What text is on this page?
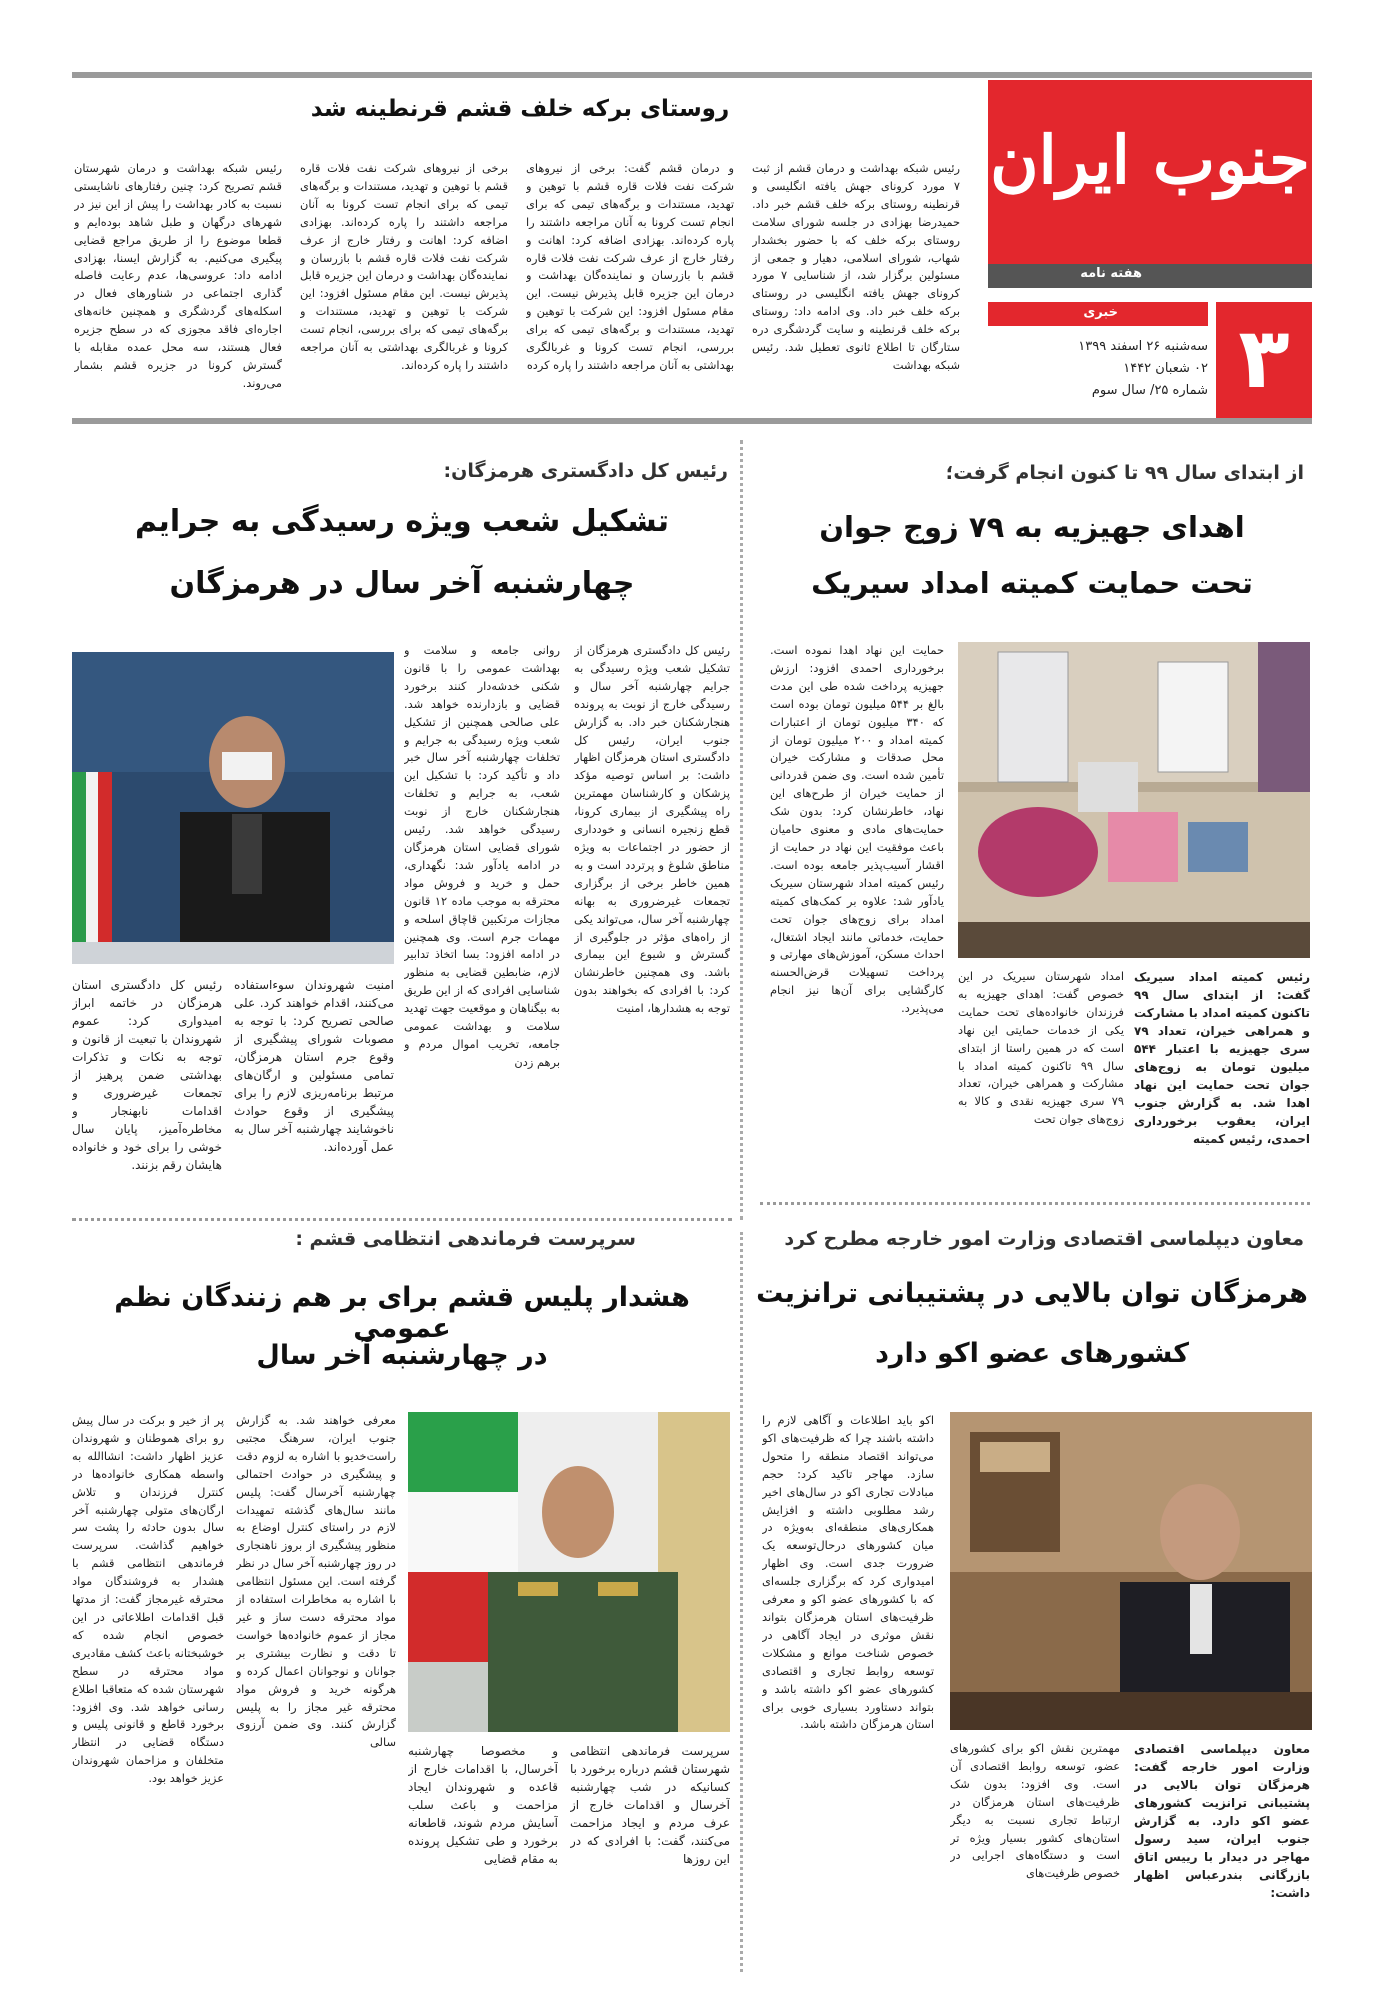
جنوب ایران
هفته نامه
۳
خبری
سه‌شنبه ۲۶ اسفند ۱۳۹۹
۰۲ شعبان ۱۴۴۲
شماره ۲۵/ سال سوم
روستای برکه خلف قشم قرنطینه شد
رئیس شبکه بهداشت و درمان قشم از ثبت ۷ مورد کرونای جهش یافته انگلیسی و قرنطینه روستای برکه خلف قشم خبر داد. حمیدرضا بهزادی در جلسه شورای سلامت روستای برکه خلف که با حضور بخشدار شهاب، شورای اسلامی، دهیار و جمعی از مسئولین برگزار شد، از شناسایی ۷ مورد کرونای جهش یافته انگلیسی در روستای برکه خلف خبر داد. وی ادامه داد: روستای برکه خلف قرنطینه و سایت گردشگری دره ستارگان تا اطلاع ثانوی تعطیل شد. رئیس شبکه بهداشت
و درمان قشم گفت: برخی از نیروهای شرکت نفت فلات قاره قشم با توهین و تهدید، مستندات و برگه‌های تیمی که برای انجام تست کرونا به آنان مراجعه داشتند را پاره کرده‌اند. بهزادی اضافه کرد: اهانت و رفتار خارج از عرف شرکت نفت فلات قاره قشم با بازرسان و نماینده‌گان بهداشت و درمان این جزیره قابل پذیرش نیست. این مقام مسئول افزود: این شرکت با توهین و تهدید، مستندات و برگه‌های تیمی که برای بررسی، انجام تست کرونا و غربالگری بهداشتی به آنان مراجعه داشتند را پاره کرده‌
برخی از نیروهای شرکت نفت فلات قاره قشم با توهین و تهدید، مستندات و برگه‌های تیمی که برای انجام تست کرونا به آنان مراجعه داشتند را پاره کرده‌اند. بهزادی اضافه کرد: اهانت و رفتار خارج از عرف شرکت نفت فلات قاره قشم با بازرسان و نماینده‌گان بهداشت و درمان این جزیره قابل پذیرش نیست. این مقام مسئول افزود: این شرکت با توهین و تهدید، مستندات و برگه‌های تیمی که برای بررسی، انجام تست کرونا و غربالگری بهداشتی به آنان مراجعه داشتند را پاره کرده‌اند.
رئیس شبکه بهداشت و درمان شهرستان قشم تصریح کرد: چنین رفتارهای ناشایستی نسبت به کادر بهداشت را پیش از این نیز در شهرهای درگهان و طبل شاهد بوده‌ایم و قطعا موضوع را از طریق مراجع قضایی پیگیری می‌کنیم. به گزارش ایسنا، بهزادی ادامه داد: عروسی‌ها، عدم رعایت فاصله گذاری اجتماعی در شناورهای فعال در اسکله‌های گردشگری و همچنین خانه‌های اجاره‌ای فاقد مجوزی که در سطح جزیره فعال هستند، سه محل عمده مقابله با گسترش کرونا در جزیره قشم بشمار می‌روند.
از ابتدای سال ۹۹ تا کنون انجام گرفت؛
اهدای جهیزیه به ۷۹ زوج جوان
تحت حمایت کمیته امداد سیریک
حمایت این نهاد اهدا نموده است. برخورداری احمدی افزود: ارزش جهیزیه پرداخت شده طی این مدت بالغ بر ۵۴۴ میلیون تومان بوده است که ۳۴۰ میلیون تومان از اعتبارات کمیته امداد و ۲۰۰ میلیون تومان از محل صدقات و مشارکت خیران تأمین شده است. وی ضمن قدردانی از حمایت خیران از طرح‌های این نهاد، خاطرنشان کرد: بدون شک حمایت‌های مادی و معنوی حامیان باعث موفقیت این نهاد در حمایت از اقشار آسیب‌پذیر جامعه بوده است. رئیس کمیته امداد شهرستان سیریک یادآور شد: علاوه بر کمک‌های کمیته امداد برای زوج‌های جوان تحت حمایت، خدماتی مانند ایجاد اشتغال، احداث مسکن، آموزش‌های مهارتی و پرداخت تسهیلات قرض‌الحسنه کارگشایی برای آن‌ها نیز انجام می‌پذیرد.
رئیس کمیته امداد سیریک گفت: از ابتدای سال ۹۹ تاکنون کمیته امداد با مشارکت و همراهی خیران، تعداد ۷۹ سری جهیزیه با اعتبار ۵۴۴ میلیون تومان به زوج‌های جوان تحت حمایت این نهاد اهدا شد. به گزارش جنوب ایران، یعقوب برخورداری احمدی، رئیس کمیته
امداد شهرستان سیریک در این خصوص گفت: اهدای جهیزیه به فرزندان خانواده‌های تحت حمایت یکی از خدمات حمایتی این نهاد است که در همین راستا از ابتدای سال ۹۹ تاکنون کمیته امداد با مشارکت و همراهی خیران، تعداد ۷۹ سری جهیزیه نقدی و کالا به زوج‌های جوان تحت
رئیس کل دادگستری هرمزگان:
تشکیل شعب ویژه رسیدگی به جرایم
چهارشنبه آخر سال در هرمزگان
رئیس کل دادگستری هرمزگان از تشکیل شعب ویژه رسیدگی به جرایم چهارشنبه آخر سال و رسیدگی خارج از نوبت به پرونده هنجارشکنان خبر داد. به گزارش جنوب ایران، رئیس کل دادگستری استان هرمزگان اظهار داشت: بر اساس توصیه مؤکد پزشکان و کارشناسان مهمترین راه پیشگیری از بیماری کرونا، قطع زنجیره انسانی و خودداری از حضور در اجتماعات به ویژه مناطق شلوغ و پرتردد است و به همین خاطر برخی از برگزاری تجمعات غیرضروری به بهانه چهارشنبه آخر سال، می‌تواند یکی از راه‌های مؤثر در جلوگیری از گسترش و شیوع این بیماری باشد. وی همچنین خاطرنشان کرد: با افرادی که بخواهند بدون توجه به هشدارها، امنیت
روانی جامعه و سلامت و بهداشت عمومی را با قانون شکنی خدشه‌دار کنند برخورد قضایی و بازدارنده خواهد شد. علی صالحی همچنین از تشکیل شعب ویژه رسیدگی به جرایم و تخلفات چهارشنبه آخر سال خبر داد و تأکید کرد: با تشکیل این شعب، به جرایم و تخلفات هنجارشکنان خارج از نوبت رسیدگی خواهد شد. رئیس شورای قضایی استان هرمزگان در ادامه یادآور شد: نگهداری، حمل و خرید و فروش مواد محترقه به موجب ماده ۱۲ قانون مجازات مرتکبین قاچاق اسلحه و مهمات جرم است. وی همچنین در ادامه افزود: بسا اتخاذ تدابیر لازم، ضابطین قضایی به منظور شناسایی افرادی که از این طریق به بیگناهان و موقعیت جهت تهدید سلامت و بهداشت عمومی جامعه، تخریب اموال مردم و برهم زدن
امنیت شهروندان سوءاستفاده می‌کنند، اقدام خواهند کرد. علی صالحی تصریح کرد: با توجه به مصوبات شورای پیشگیری از وقوع جرم استان هرمزگان، تمامی مسئولین و ارگان‌های مرتبط برنامه‌ریزی لازم را برای پیشگیری از وقوع حوادث ناخوشایند چهارشنبه آخر سال به عمل آورده‌اند.
رئیس کل دادگستری استان هرمزگان در خاتمه ابراز امیدواری کرد: عموم شهروندان با تبعیت از قانون و توجه به نکات و تذکرات بهداشتی ضمن پرهیز از تجمعات غیرضروری و اقدامات نابهنجار و مخاطره‌آمیز، پایان سال خوشی را برای خود و خانواده هایشان رقم بزنند.
معاون دیپلماسی اقتصادی وزارت امور خارجه مطرح کرد
هرمزگان توان بالایی در پشتیبانی ترانزیت
کشورهای عضو اکو دارد
اکو باید اطلاعات و آگاهی لازم را داشته باشند چرا که ظرفیت‌های اکو می‌تواند اقتصاد منطقه را متحول سازد. مهاجر تاکید کرد: حجم مبادلات تجاری اکو در سال‌های اخیر رشد مطلوبی داشته و افزایش همکاری‌های منطقه‌ای به‌ویژه در میان کشورهای درحال‌توسعه یک ضرورت جدی است. وی اظهار امیدواری کرد که برگزاری جلسه‌ای که با کشورهای عضو اکو و معرفی ظرفیت‌های استان هرمزگان بتواند نقش موثری در ایجاد آگاهی در خصوص شناخت موانع و مشکلات توسعه روابط تجاری و اقتصادی کشورهای عضو اکو داشته باشد و بتواند دستاورد بسیاری خوبی برای استان هرمزگان داشته باشد.
معاون دیپلماسی اقتصادی وزارت امور خارجه گفت: هرمزگان توان بالایی در پشتیبانی ترانزیت کشورهای عضو اکو دارد. به گزارش جنوب ایران، سید رسول مهاجر در دیدار با رییس اتاق بازرگانی بندرعباس اظهار داشت:
مهمترین نقش اکو برای کشورهای عضو، توسعه روابط اقتصادی آن است. وی افزود: بدون شک ظرفیت‌های استان هرمزگان در ارتباط تجاری نسبت به دیگر استان‌های کشور بسیار ویژه تر است و دستگاه‌های اجرایی در خصوص ظرفیت‌های
سرپرست فرماندهی انتظامی قشم :
هشدار پلیس قشم برای بر هم زنندگان نظم عمومی
در چهارشنبه آخر سال
سرپرست فرماندهی انتظامی شهرستان قشم درباره برخورد با کسانیکه در شب چهارشنبه آخرسال و اقدامات خارج از عرف مردم و ایجاد مزاحمت می‌کنند، گفت: با افرادی که در این روزها
و مخصوصا چهارشنبه آخرسال، با اقدامات خارج از قاعده و شهروندان ایجاد مزاحمت و باعث سلب آسایش مردم شوند، قاطعانه برخورد و طی تشکیل پرونده به مقام قضایی
معرفی خواهند شد. به گزارش جنوب ایران، سرهنگ مجتبی راست‌خدیو با اشاره به لزوم دقت و پیشگیری در حوادث احتمالی چهارشنبه آخرسال گفت: پلیس مانند سال‌های گذشته تمهیدات لازم در راستای کنترل اوضاع به منظور پیشگیری از بروز ناهنجاری در روز چهارشنبه آخر سال در نظر گرفته است. این مسئول انتظامی با اشاره به مخاطرات استفاده از مواد محترقه دست ساز و غیر مجاز از عموم خانواده‌ها خواست تا دقت و نظارت بیشتری بر جوانان و نوجوانان اعمال کرده و هرگونه خرید و فروش مواد محترقه غیر مجاز را به پلیس گزارش کنند. وی ضمن آرزوی سالی
پر از خیر و برکت در سال پیش رو برای هموطنان و شهروندان عزیز اظهار داشت: انشاالله به واسطه همکاری خانواده‌ها در کنترل فرزندان و تلاش ارگان‌های متولی چهارشنبه آخر سال بدون حادثه را پشت سر خواهیم گذاشت. سرپرست فرماندهی انتظامی قشم با هشدار به فروشندگان مواد محترقه غیرمجاز گفت: از مدتها قبل اقدامات اطلاعاتی در این خصوص انجام شده که خوشبختانه باعث کشف مقادیری مواد محترقه در سطح شهرستان شده که متعاقبا اطلاع رسانی خواهد شد. وی افزود: برخورد قاطع و قانونی پلیس و دستگاه قضایی در انتظار متخلفان و مزاحمان شهروندان عزیز خواهد بود.
